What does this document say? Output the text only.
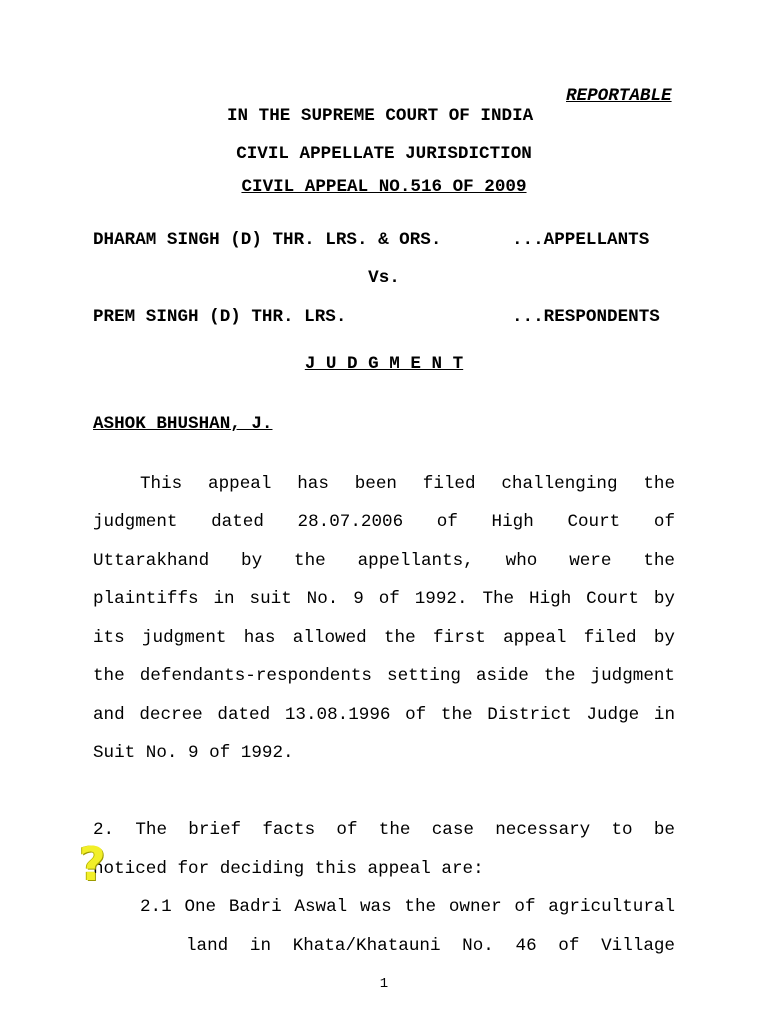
REPORTABLE
IN THE SUPREME COURT OF INDIA
CIVIL APPELLATE JURISDICTION
CIVIL APPEAL NO.516 OF 2009
DHARAM SINGH (D) THR. LRS. & ORS.	...APPELLANTS
Vs.
PREM SINGH (D) THR. LRS.	...RESPONDENTS
J U D G M E N T
ASHOK BHUSHAN, J.
This appeal has been filed challenging the
judgment dated 28.07.2006 of High Court of
Uttarakhand by the appellants, who were the
plaintiffs in suit No. 9 of 1992. The High Court by
its judgment has allowed the first appeal filed by
the defendants-respondents setting aside the judgment
and decree dated 13.08.1996 of the District Judge in
Suit No. 9 of 1992.
2. The brief facts of the case necessary to be
noticed for deciding this appeal are:
2.1 One Badri Aswal was the owner of agricultural
land in Khata/Khatauni No. 46 of Village
?
1
